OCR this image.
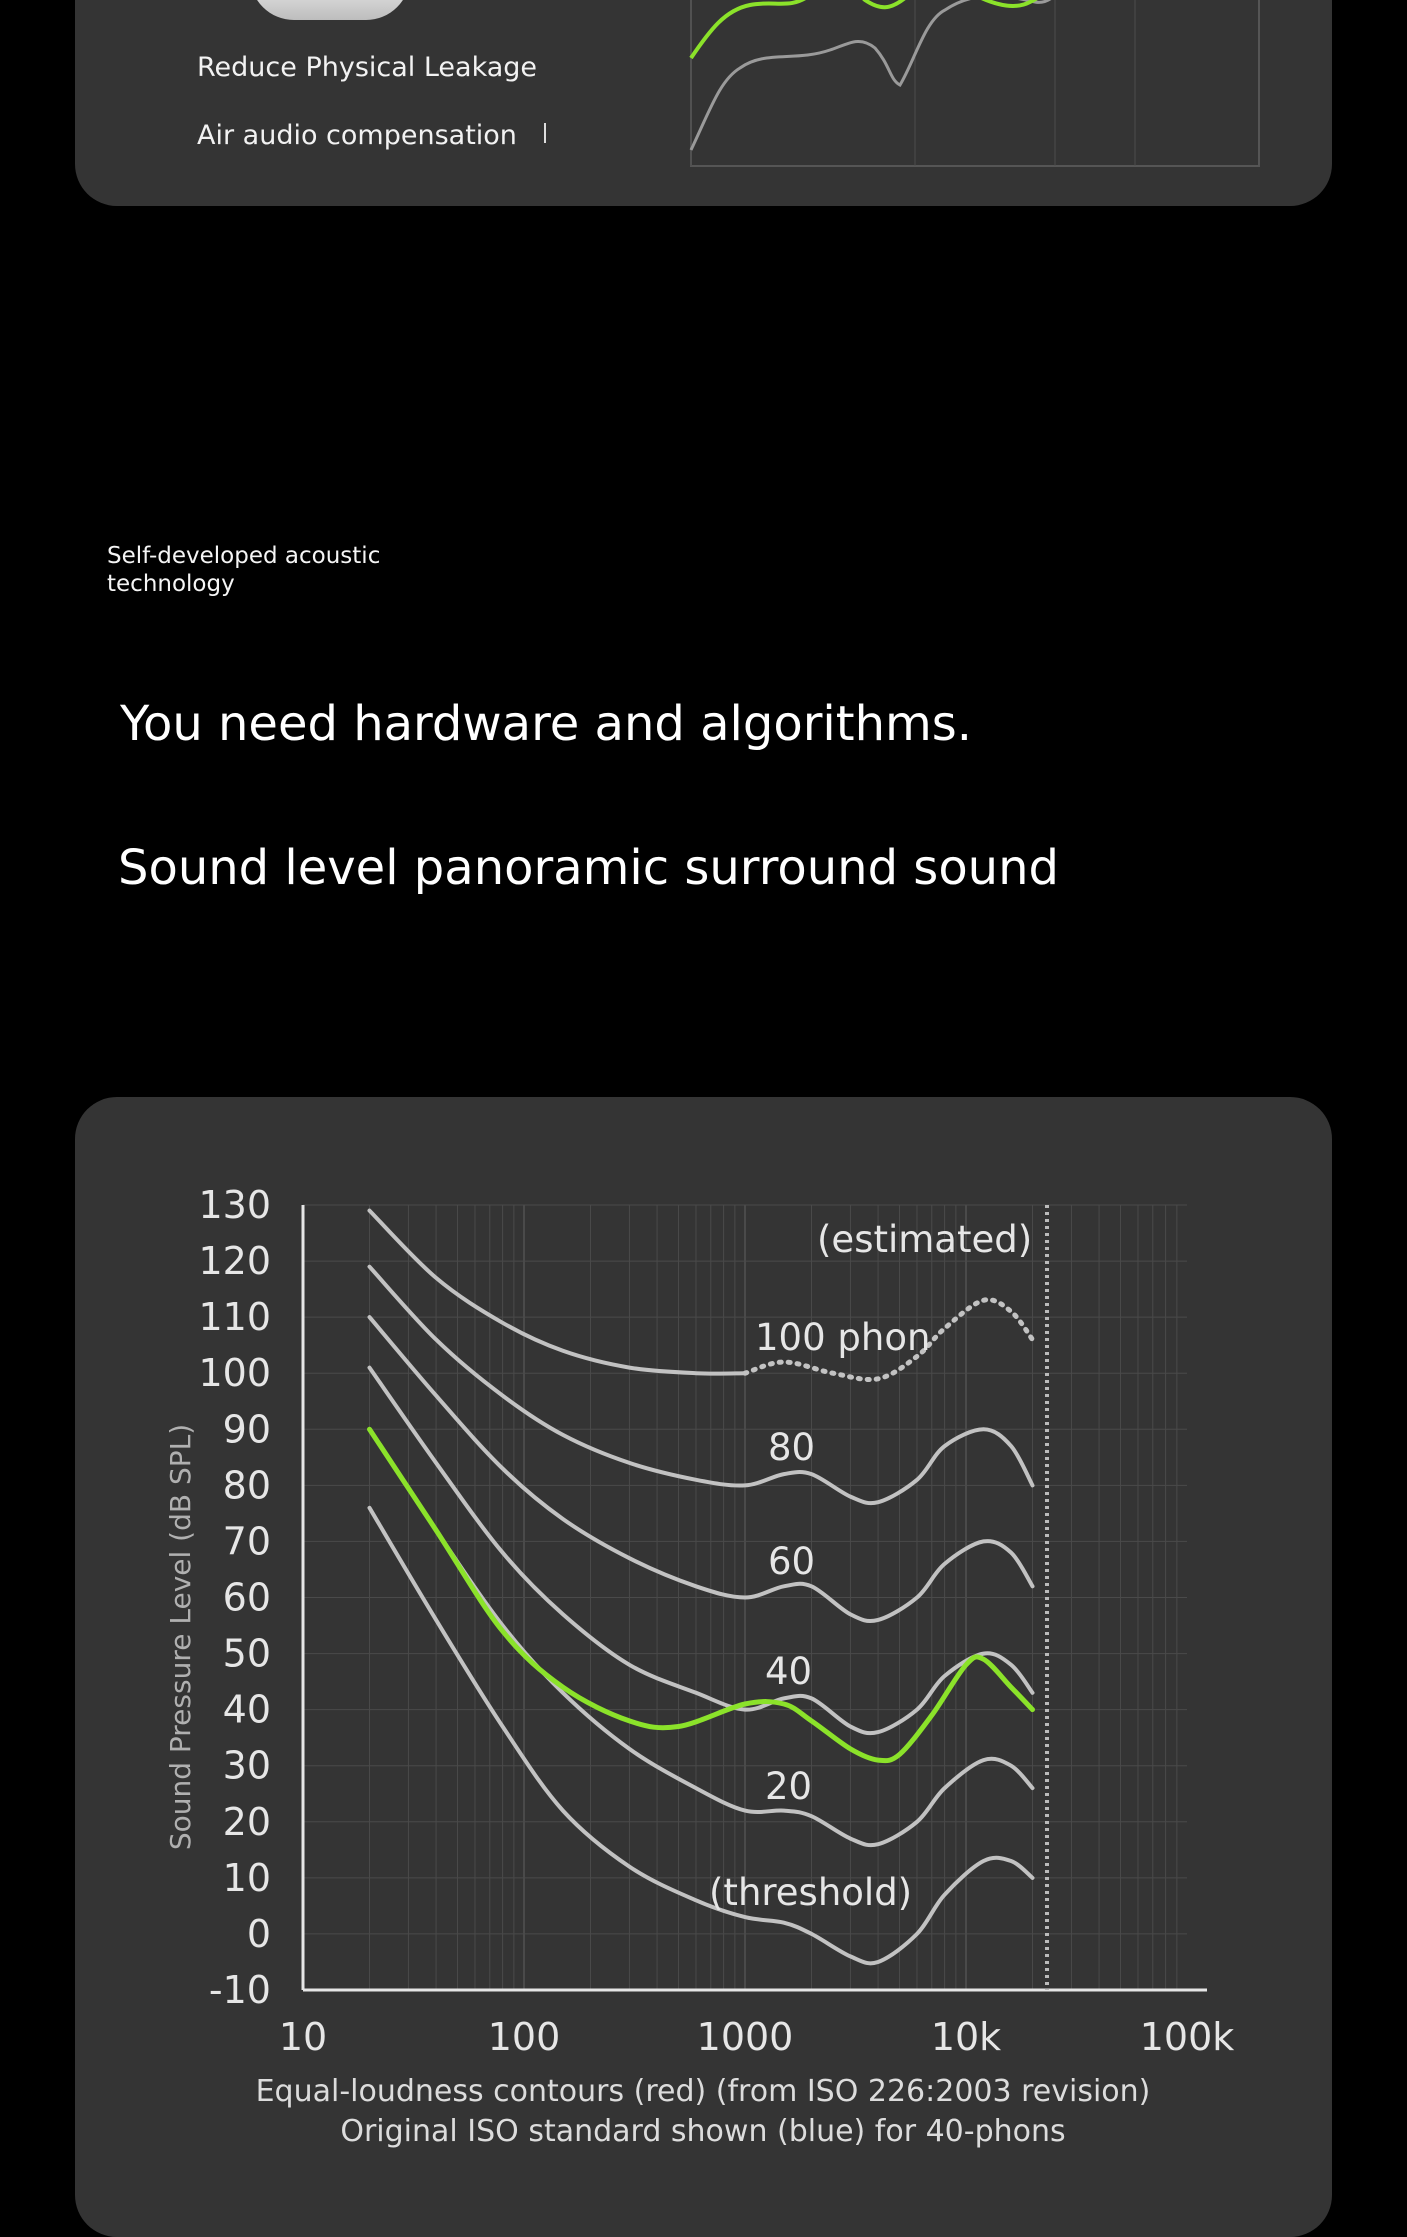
Reduce Physical Leakage
Air audio compensation
Self-developed acoustic technology
You need hardware and algorithms.
Sound level panoramic surround sound
130
120
110
100
90
80
70
60
50
40
30
20
10
0
-10
10	100	1000	10k	100k
Sound Pressure Level (dB SPL)
(estimated)
100 phon
80
60
40
20
(threshold)
Equal-loudness contours (red) (from ISO 226:2003 revision)
Original ISO standard shown (blue) for 40-phons
